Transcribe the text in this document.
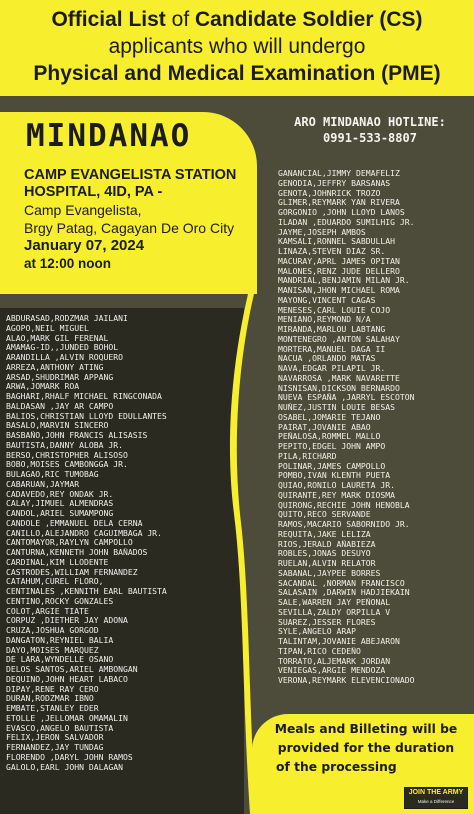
Official List of Candidate Soldier (CS)
applicants who will undergo
Physical and Medical Examination (PME)
MINDANAO
CAMP EVANGELISTA STATION
HOSPITAL, 4ID, PA -
Camp Evangelista,
Brgy Patag, Cagayan De Oro City
January 07, 2024
at 12:00 noon
ARO MINDANAO HOTLINE:
0991-533-8807
ABDURASAD,RODZMAR JAILANI
AGOPO,NEIL MIGUEL
ALAO,MARK GIL FERENAL
AMAMAG-ID,,JUNDED BOHOL
ARANDILLA ,ALVIN ROQUERO
ARREZA,ANTHONY ATING
ARSAD,SHUDRIMAR APPANG
ARWA,JOMARK ROA
BAGHARI,RHALF MICHAEL RINGCONADA
BALDASAN ,JAY AR CAMPO
BALIOS,CHRISTIAN LLOYD EDULLANTES
BASALO,MARVIN SINCERO
BASBAÑO,JOHN FRANCIS ALISASIS
BAUTISTA,DANNY ALOBA JR.
BERSO,CHRISTOPHER ALISOSO
BOBO,MOISES CAMBONGGA JR.
BULAGAO,RIC TUMOBAG
CABARUAN,JAYMAR
CADAVEDO,REY ONDAK JR.
CALAY,JIMUEL ALMENDRAS
CANDOL,ARIEL SUMAMPONG
CANDOLE ,EMMANUEL DELA CERNA
CANILLO,ALEJANDRO CAGUIMBAGA JR.
CANTOMAYOR,RAYLYN CAMPOLLO
CANTURNA,KENNETH JOHN BAÑADOS
CARDINAL,KIM LLODENTE
CASTRODES,WILLIAM FERNANDEZ
CATAHUM,CUREL FLORO,
CENTINALES ,KENNITH EARL BAUTISTA
CENTINO,ROCKY GONZALES
COLOT,ARGIE TIATE
CORPUZ ,DIETHER JAY ADONA
CRUZA,JOSHUA GORGOD
DANGATON,REYNIEL BALIA
DAYO,MOISES MARQUEZ
DE LARA,WYNDELLE OSANO
DELOS SANTOS,ARIEL AMBONGAN
DEQUINO,JOHN HEART LABACO
DIPAY,RENE RAY CERO
DURAN,RODZMAR IBNO
EMBATE,STANLEY EDER
ETOLLE ,JELLOMAR OMAMALIN
EVASCO,ANGELO BAUTISTA
FELIX,JERON SALVADOR
FERNANDEZ,JAY TUNDAG
FLORENDO ,DARYL JOHN RAMOS
GALOLO,EARL JOHN DALAGAN
GANANCIAL,JIMMY DEMAFELIZ
GENODIA,JEFFRY BARSANAS
GENOTA,JOHNRICK TROZO
GLIMER,REYMARK YAN RIVERA
GORGONIO ,JOHN LLOYD LANOS
ILADAN ,EDUARDO SUMILHIG JR.
JAYME,JOSEPH AMBOS
KAMSALI,RONNEL SABDULLAH
LINAZA,STEVEN DIAZ SR.
MACURAY,APRL JAMES OPITAN
MALONES,RENZ JUDE DELLERO
MANDRIAL,BENJAMIN MILAN JR.
MANISAN,JHON MICHAEL ROMA
MAYONG,VINCENT CAGAS
MENESES,CARL LOUIE COJO
MENIANO,REYMOND N/A
MIRANDA,MARLOU LABTANG
MONTENEGRO ,ANTON SALAHAY
MORTERA,MANUEL DAGA II
NACUA ,ORLANDO MATAS
NAVA,EDGAR PILAPIL JR.
NAVARROSA ,MARK NAVARETTE
NISNISAN,DICKSON BERNARDO
NUEVA ESPAÑA ,JARRYL ESCOTON
NUÑEZ,JUSTIN LOUIE BESAS
OSABEL,JOMARIE TEJANO
PAIRAT,JOVANIE ABAO
PEÑALOSA,ROMMEL MALLO
PEPITO,EDGEL JOHN AMPO
PILA,RICHARD
POLINAR,JAMES CAMPOLLO
POMBO,IVAN KLENTH PUETA
QUIAO,RONILO LAURETA JR.
QUIRANTE,REY MARK DIOSMA
QUIRONG,RECHIE JOHN HENOBLA
QUITO,RECO SERVANDE
RAMOS,MACARIO SABORNIDO JR.
REQUITA,JAKE LELIZA
RIOS,JERALD AÑABIEZA
ROBLES,JONAS DESUYO
RUELAN,ALVIN RELATOR
SABANAL,JAYPEE BORRES
SACANDAL ,NORMAN FRANCISCO
SALASAIN ,DARWIN HADJIEKAIN
SALE,WARREN JAY PEÑONAL
SEVILLA,ZALDY ORPILLA V
SUAREZ,JESSER FLORES
SYLE,ANGELO ARAP
TALINTAM,JOVANIE ABEJARON
TIPAN,RICO CEDEÑO
TORRATO,ALJEMARK JORDAN
VENIEGAS,ARGIE MENDOZA
VERONA,REYMARK ELEVENCIONADO
Meals and Billeting will be
provided for the duration
of the processing
JOIN THE ARMY
Make a Difference
